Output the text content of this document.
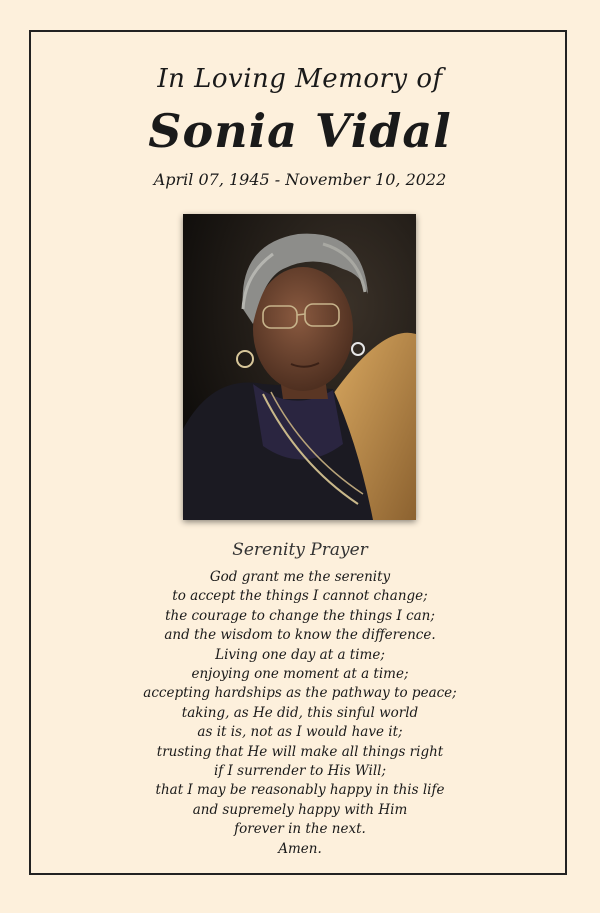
In Loving Memory of
Sonia Vidal
April 07, 1945 - November 10, 2022
Serenity Prayer
God grant me the serenity
to accept the things I cannot change;
the courage to change the things I can;
and the wisdom to know the difference.
Living one day at a time;
enjoying one moment at a time;
accepting hardships as the pathway to peace;
taking, as He did, this sinful world
as it is, not as I would have it;
trusting that He will make all things right
if I surrender to His Will;
that I may be reasonably happy in this life
and supremely happy with Him
forever in the next.
Amen.
